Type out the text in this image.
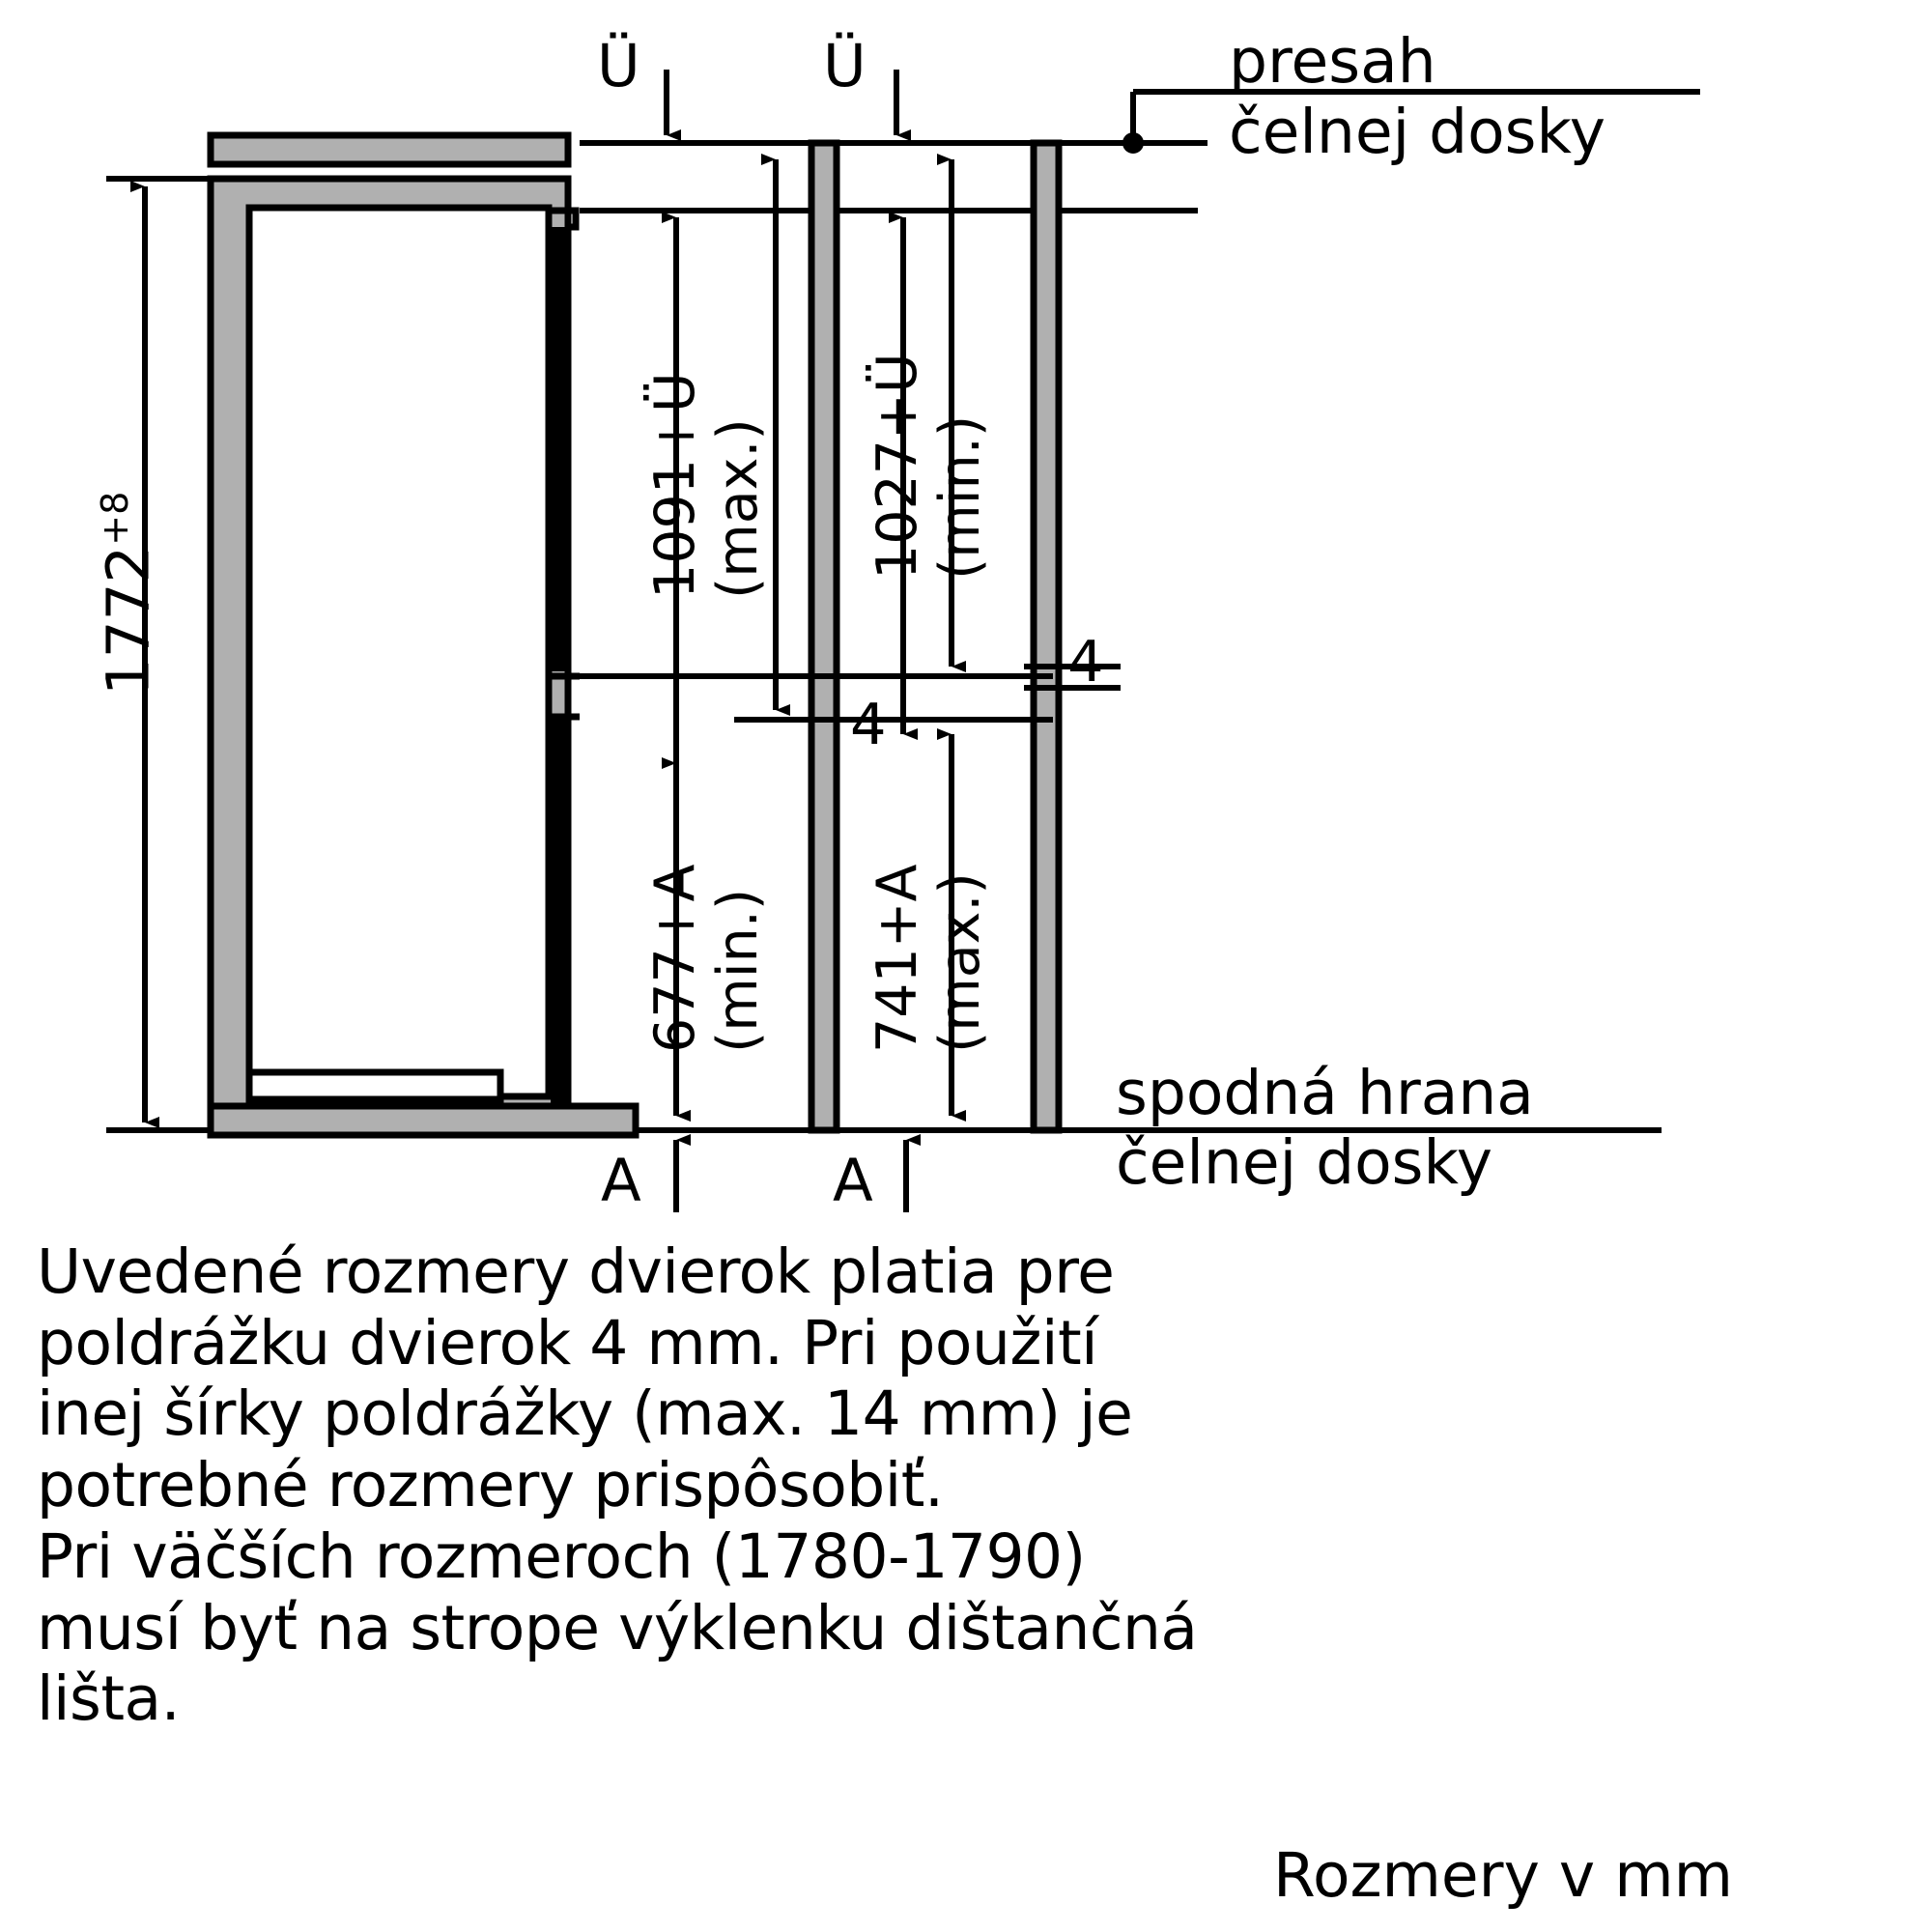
Ü	Ü
A	A
$1772^{+8}$	1091+Ü (max.) 1027+Ü (min.)
677+A (min.) 741+A (max.)
4
4
presah
čelnej dosky
spodná hrana
čelnej dosky
Uvedené rozmery dvierok platia pre
poldrážku dvierok 4 mm. Pri použití
inej šírky poldrážky (max. 14 mm) je
potrebné rozmery prispôsobiť.
Pri väčších rozmeroch (1780-1790)
musí byť na strope výklenku dištančná
lišta.
Rozmery v mm
